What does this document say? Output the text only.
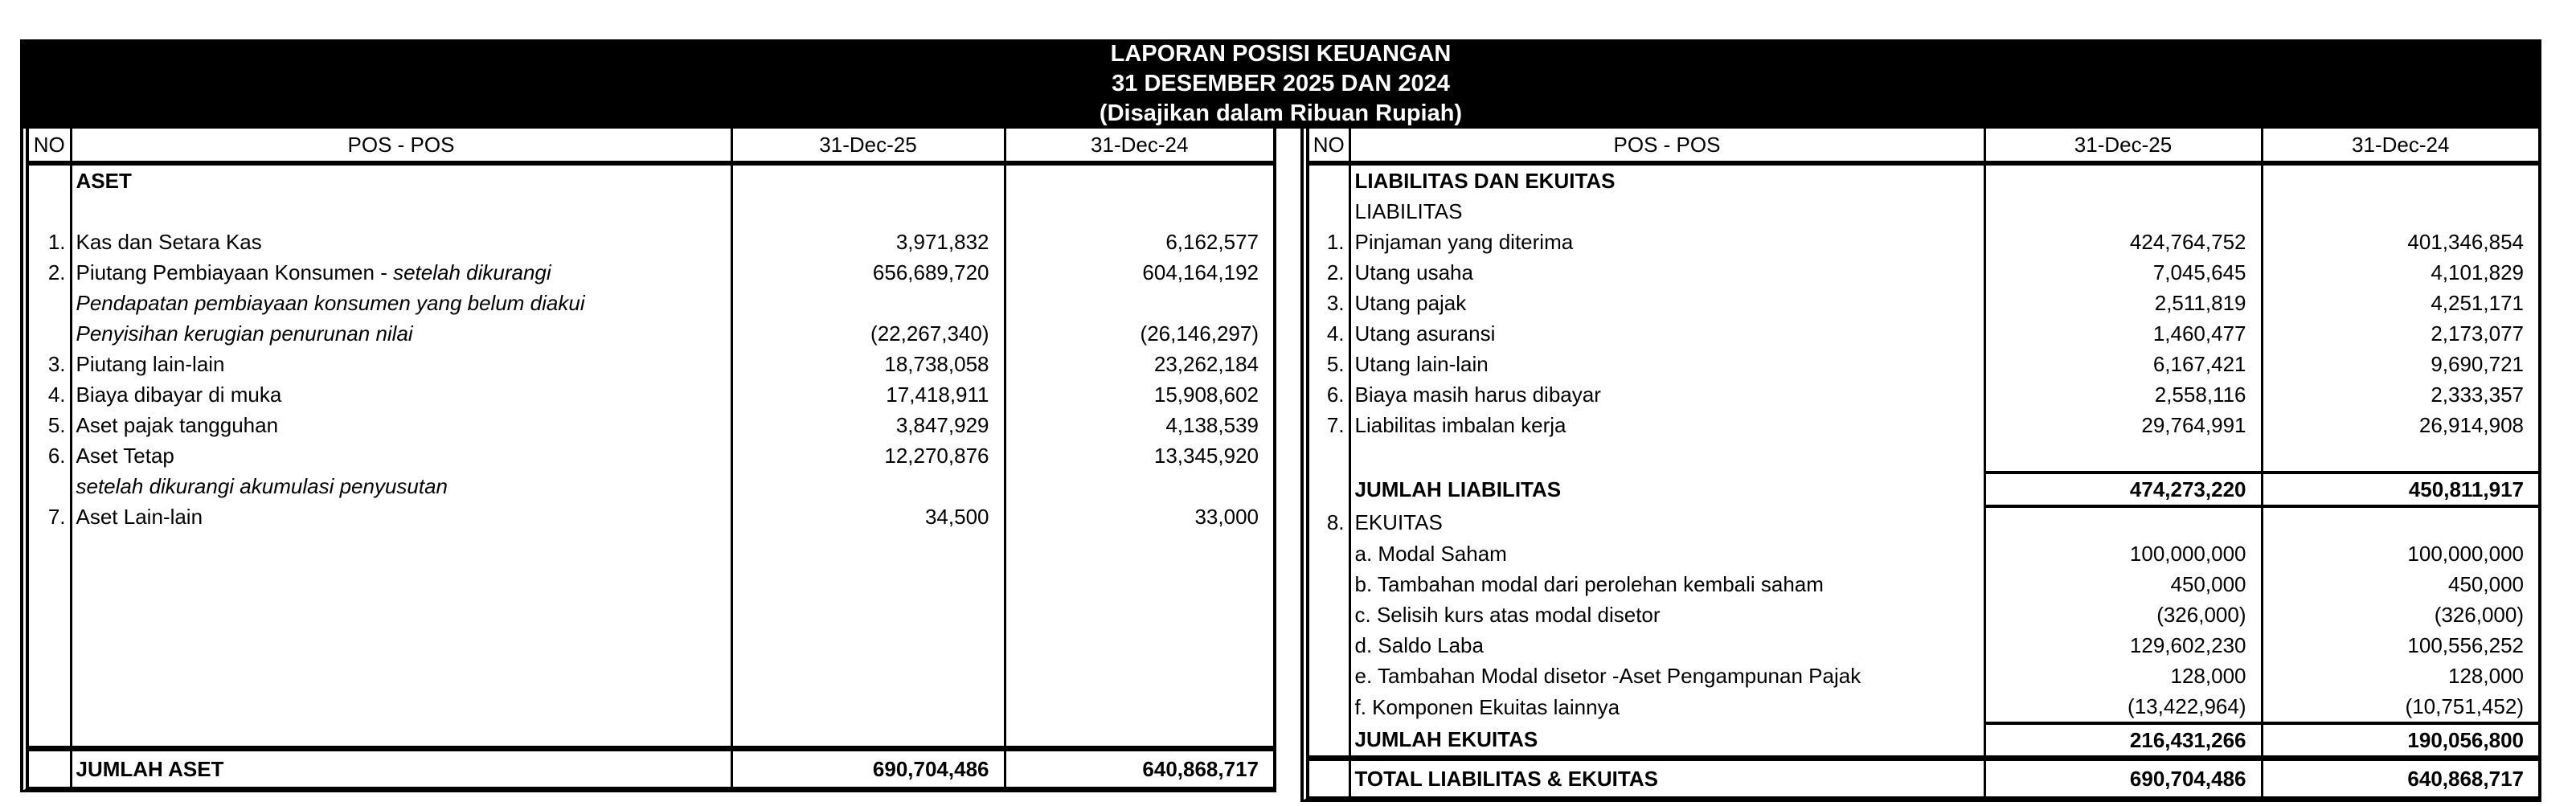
LAPORAN POSISI KEUANGAN
31 DESEMBER 2025 DAN 2024
(Disajikan dalam Ribuan Rupiah)
NO	POS - POS	31-Dec-25	31-Dec-24
	ASET		

1.	Kas dan Setara Kas	3,971,832	6,162,577
2.	Piutang Pembiayaan Konsumen - setelah dikurangi	656,689,720	604,164,192
	Pendapatan pembiayaan konsumen yang belum diakui		
	Penyisihan kerugian penurunan nilai	(22,267,340)	(26,146,297)
3.	Piutang lain-lain	18,738,058	23,262,184
4.	Biaya dibayar di muka	17,418,911	15,908,602
5.	Aset pajak tangguhan	3,847,929	4,138,539
6.	Aset Tetap	12,270,876	13,345,920
	setelah dikurangi akumulasi penyusutan		
7.	Aset Lain-lain	34,500	33,000

	JUMLAH ASET	690,704,486	640,868,717
NO	POS - POS	31-Dec-25	31-Dec-24
	LIABILITAS DAN EKUITAS		
	LIABILITAS		
1.	Pinjaman yang diterima	424,764,752	401,346,854
2.	Utang usaha	7,045,645	4,101,829
3.	Utang pajak	2,511,819	4,251,171
4.	Utang asuransi	1,460,477	2,173,077
5.	Utang lain-lain	6,167,421	9,690,721
6.	Biaya masih harus dibayar	2,558,116	2,333,357
7.	Liabilitas imbalan kerja	29,764,991	26,914,908

	JUMLAH LIABILITAS	474,273,220	450,811,917
8.	EKUITAS		
	a. Modal Saham	100,000,000	100,000,000
	b. Tambahan modal dari perolehan kembali saham	450,000	450,000
	c. Selisih kurs atas modal disetor	(326,000)	(326,000)
	d. Saldo Laba	129,602,230	100,556,252
	e. Tambahan Modal disetor -Aset Pengampunan Pajak	128,000	128,000
	f. Komponen Ekuitas lainnya	(13,422,964)	(10,751,452)
	JUMLAH EKUITAS	216,431,266	190,056,800
	TOTAL LIABILITAS & EKUITAS	690,704,486	640,868,717
